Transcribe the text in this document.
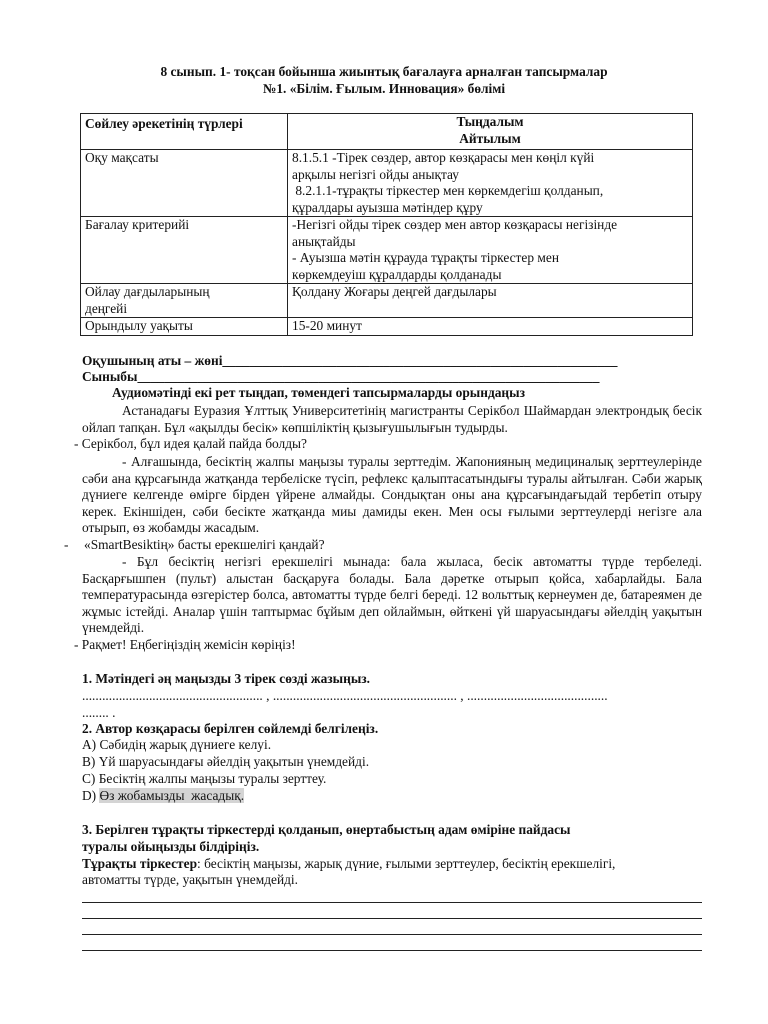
8 сынып. 1- тоқсан бойынша жиынтық бағалауға арналған тапсырмалар
№1. «Білім. Ғылым. Инновация» бөлімі
Сөйлеу әрекетінің түрлері	Тыңдалым
Айтылым

Оқу мақсаты	8.1.5.1 -Тірек сөздер, автор көзқарасы мен көңіл күйі
арқылы негізгі ойды анықтау
8.2.1.1-тұрақты тіркестер мен көркемдегіш қолданып,
құралдары ауызша мәтіндер құру

Бағалау критерийі	-Негізгі ойды тірек сөздер мен автор көзқарасы негізінде
анықтайды
- Ауызша мәтін құрауда тұрақты тіркестер мен
көркемдеуіш құралдарды қолданады

Ойлау дағдыларының
деңгейі	Қолдану Жоғары деңгей дағдылары

Орындылу уақыты	15-20 минут
Оқушының аты – жөні___________________________________________________________
Сыныбы_____________________________________________________________________
Аудиомәтінді екі рет тыңдап, төмендегі тапсырмаларды орындаңыз
Астанадағы Еуразия Ұлттық Университетінің магистранты Серікбол Шаймардан электрондық бесік ойлап тапқан. Бұл «ақылды бесік» көпшіліктің қызығушылығын тудырды.
- Серікбол, бұл идея қалай пайда болды?
- Алғашында, бесіктің жалпы маңызы туралы зерттедім. Жапонияның медициналық зерттеулерінде сәби ана құрсағында жатқанда тербеліске түсіп, рефлекс қалыптасатындығы туралы айтылған. Сәби жарық дүниеге келгенде өмірге бірден үйрене алмайды. Сондықтан оны ана құрсағындағыдай тербетіп отыру керек. Екіншіден, сәби бесікте жатқанда миы дамиды екен. Мен осы ғылыми зерттеулерді негізге ала отырып, өз жобамды жасадым.
- «SmartBesiktің» басты ерекшелігі қандай?
- Бұл бесіктің негізгі ерекшелігі мынада: бала жыласа, бесік автоматты түрде тербеледі. Басқарғышпен (пульт) алыстан басқаруға болады. Бала дәретке отырып қойса, хабарлайды. Бала температурасында өзгерістер болса, автоматты түрде белгі береді. 12 вольттық кернеумен де, батареямен де жұмыс істейді. Аналар үшін таптырмас бұйым деп ойлаймын, өйткені үй шаруасындағы әйелдің уақытын үнемдейді.
- Рақмет! Еңбегіңіздің жемісін көріңіз!
1. Мәтіндегі әң маңызды 3 тірек сөзді жазыңыз.
...................................................... , ....................................................... , ..........................................
........ .
2. Автор көзқарасы берілген сөйлемді белгілеңіз.
A) Сәбидің жарық дүниеге келуі.
B) Үй шаруасындағы әйелдің уақытын үнемдейді.
C) Бесіктің жалпы маңызы туралы зерттеу.
D) Өз жобамызды  жасадық.
3. Берілген тұрақты тіркестерді қолданып, өнертабыстың адам өміріне пайдасы
туралы ойыңызды білдіріңіз.
Тұрақты тіркестер: бесіктің маңызы, жарық дүние, ғылыми зерттеулер, бесіктің ерекшелігі,
автоматты түрде, уақытын үнемдейді.
